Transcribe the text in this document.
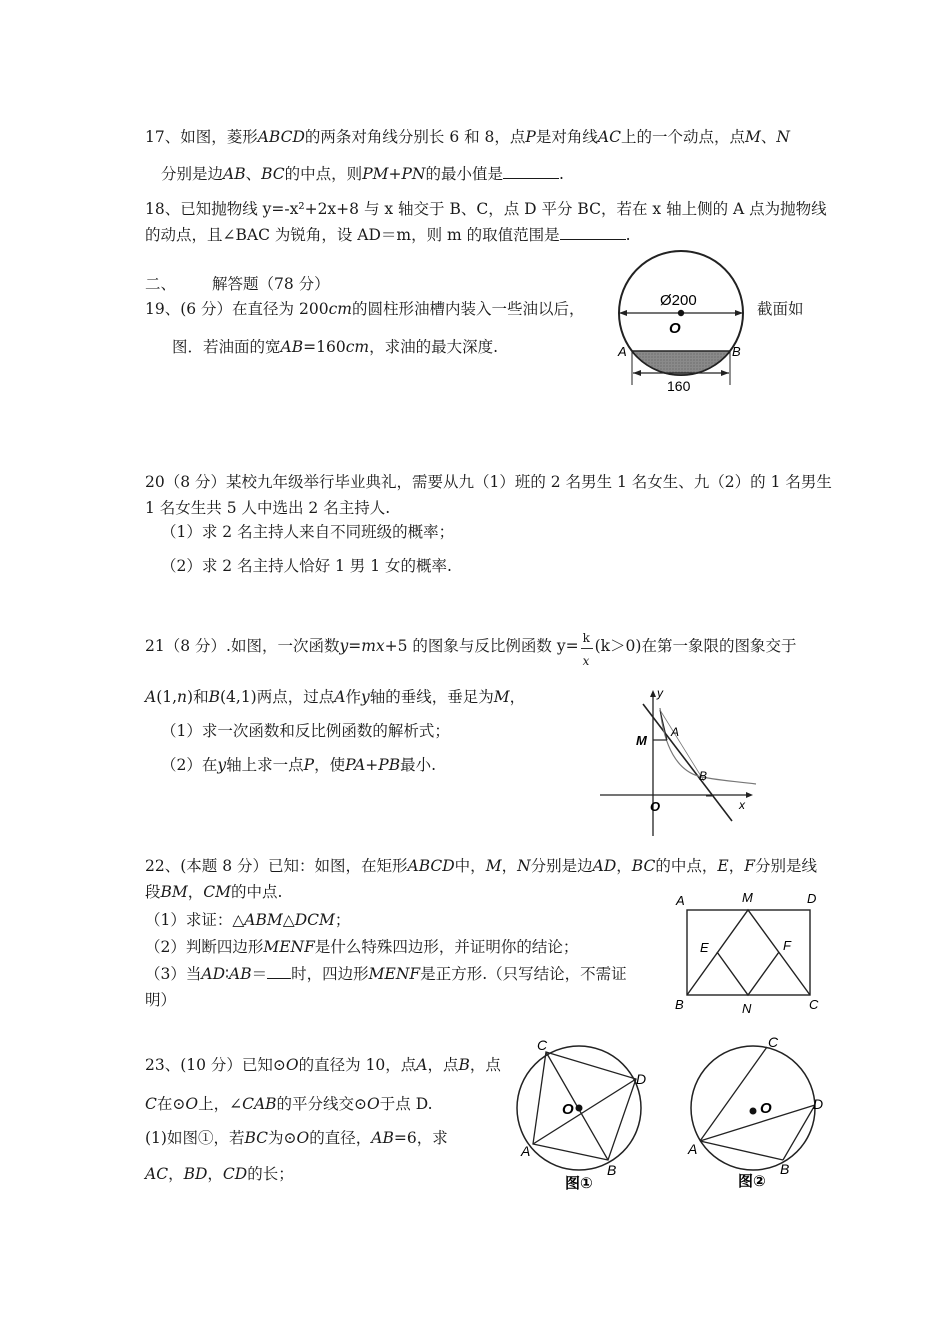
17、如图，菱形ABCD的两条对角线分别长 6 和 8，点P是对角线AC上的一个动点，点M、N
分别是边AB、BC的中点，则PM+PN的最小值是	.
18、已知抛物线 y=-x²+2x+8 与 x 轴交于 B、C，点 D 平分 BC，若在 x 轴上侧的 A 点为抛物线
的动点，且∠BAC 为锐角，设 AD＝m，则 m 的取值范围是	.
二、 解答题（78 分）
19、(6 分）在直径为 200cm的圆柱形油槽内装入一些油以后，	截面如
图．若油面的宽AB=160cm，求油的最大深度.
Ø200
O
A	B
160
20（8 分）某校九年级举行毕业典礼，需要从九（1）班的 2 名男生 1 名女生、九（2）的 1 名男生
1 名女生共 5 人中选出 2 名主持人.
（1）求 2 名主持人来自不同班级的概率；
（2）求 2 名主持人恰好 1 男 1 女的概率.
21（8 分）.如图，一次函数y=mx+5 的图象与反比例函数 $y= \frac{k}{x} (k>0)$在第一象限的图象交于
A(1,n)和B(4,1)两点，过点A作y轴的垂线，垂足为M，
（1）求一次函数和反比例函数的解析式；
（2）在y轴上求一点P，使PA+PB最小.
y
x
O
M
A
B
22、(本题 8 分）已知：如图，在矩形ABCD中，M，N分别是边AD，BC的中点，E，F分别是线
段BM，CM的中点.
（1）求证：△ABM△DCM；
（2）判断四边形MENF是什么特殊四边形，并证明你的结论；
（3）当AD∶AB＝ 时，四边形MENF是正方形.（只写结论，不需证
明）
A	M	D
E	F
B	N	C
23、(10 分）已知⊙O的直径为 10，点A，点B，点
C在⊙O上，∠CAB的平分线交⊙O于点 D.
(1)如图①，若BC为⊙O的直径，AB=6，求
AC，BD，CD的长；
C
D
O
A
B
图①
C
D
O
A
B
图②
